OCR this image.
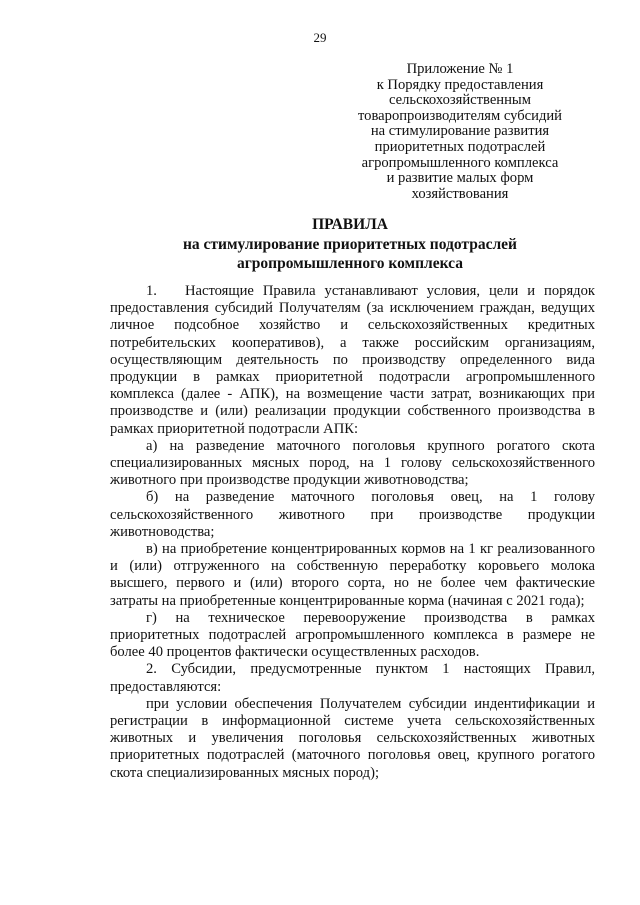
29
Приложение № 1
к Порядку предоставления
сельскохозяйственным
товаропроизводителям субсидий
на стимулирование развития
приоритетных подотраслей
агропромышленного комплекса
и развитие малых форм
хозяйствования
ПРАВИЛА
на стимулирование приоритетных подотраслей
агропромышленного комплекса

1. Настоящие Правила устанавливают условия, цели и порядок предоставления субсидий Получателям (за исключением граждан, ведущих личное подсобное хозяйство и сельскохозяйственных кредитных потребительских кооперативов), а также российским организациям, осуществляющим деятельность по производству определенного вида продукции в рамках приоритетной подотрасли агропромышленного комплекса (далее - АПК), на возмещение части затрат, возникающих при производстве и (или) реализации продукции собственного производства в рамках приоритетной подотрасли АПК:

а) на разведение маточного поголовья крупного рогатого скота специализированных мясных пород, на 1 голову сельскохозяйственного животного при производстве продукции животноводства;

б) на разведение маточного поголовья овец, на 1 голову сельскохозяйственного животного при производстве продукции животноводства;

в) на приобретение концентрированных кормов на 1 кг реализованного и (или) отгруженного на собственную переработку коровьего молока высшего, первого и (или) второго сорта, но не более чем фактические затраты на приобретенные концентрированные корма (начиная с 2021 года);

г) на техническое перевооружение производства в рамках приоритетных подотраслей агропромышленного комплекса в размере не более 40 процентов фактически осуществленных расходов.

2. Субсидии, предусмотренные пунктом 1 настоящих Правил, предоставляются:

при условии обеспечения Получателем субсидии индентификации и регистрации в информационной системе учета сельскохозяйственных животных и увеличения поголовья сельскохозяйственных животных приоритетных подотраслей (маточного поголовья овец, крупного рогатого скота специализированных мясных пород);
